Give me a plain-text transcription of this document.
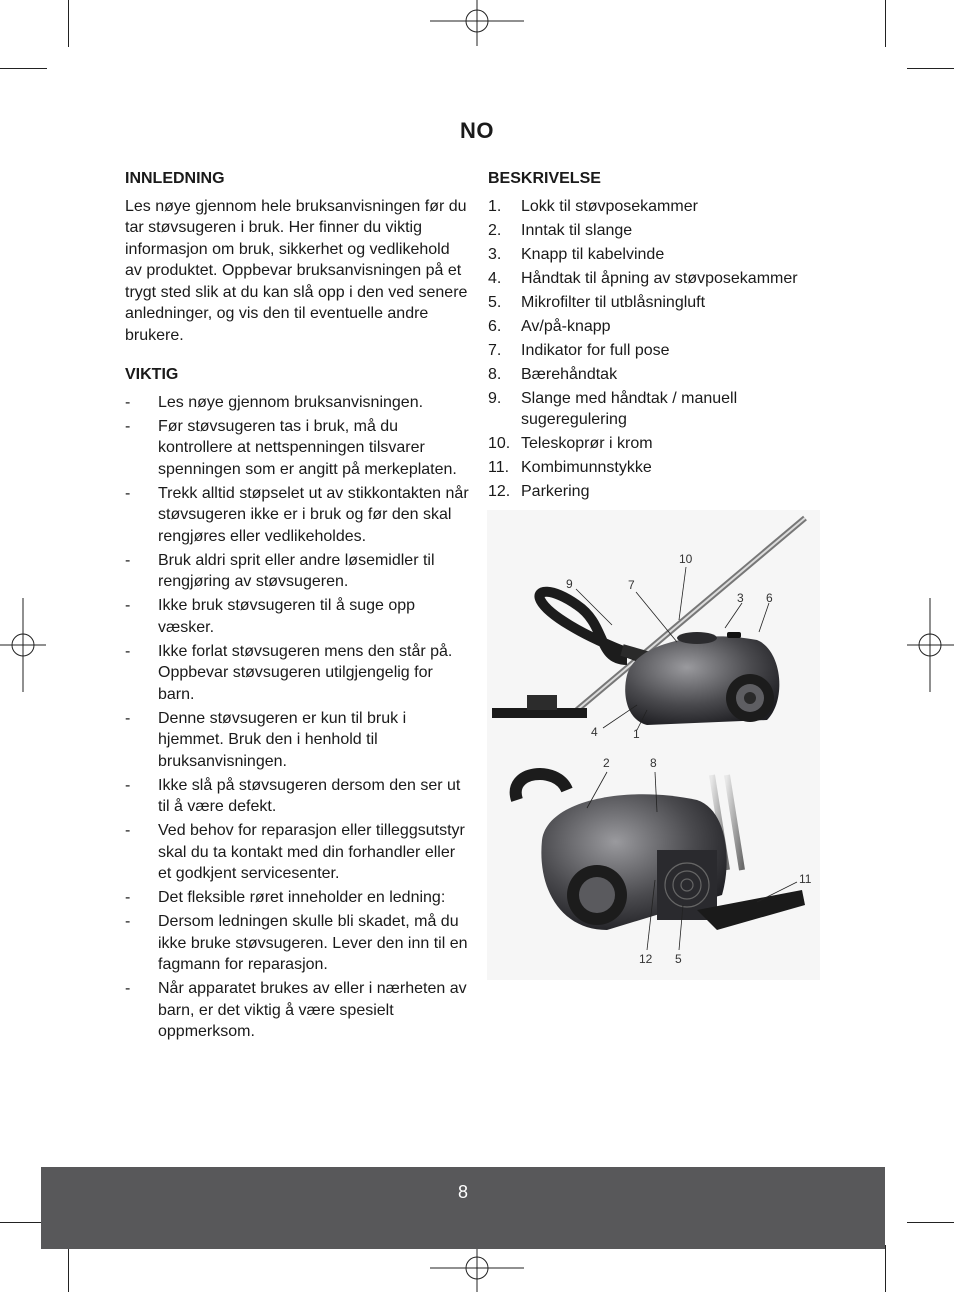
NO
INNLEDNING

Les nøye gjennom hele bruksanvisningen før du tar støvsugeren i bruk. Her finner du viktig informasjon om bruk, sikkerhet og vedlikehold av produktet. Oppbevar bruksanvisningen på et trygt sted slik at du kan slå opp i den ved senere anledninger, og vis den til eventuelle andre brukere.

VIKTIG
- Les nøye gjennom bruksanvisningen.
- Før støvsugeren tas i bruk, må du kontrollere at nettspenningen tilsvarer spenningen som er angitt på merkeplaten.
- Trekk alltid støpselet ut av stikkontakten når støvsugeren ikke er i bruk og før den skal rengjøres eller vedlikeholdes.
- Bruk aldri sprit eller andre løsemidler til rengjøring av støvsugeren.
- Ikke bruk støvsugeren til å suge opp væsker.
- Ikke forlat støvsugeren mens den står på. Oppbevar støvsugeren utilgjengelig for barn.
- Denne støvsugeren er kun til bruk i hjemmet. Bruk den i henhold til bruksanvisningen.
- Ikke slå på støvsugeren dersom den ser ut til å være defekt.
- Ved behov for reparasjon eller tilleggsutstyr skal du ta kontakt med din forhandler eller et godkjent servicesenter.
- Det fleksible røret inneholder en ledning:
- Dersom ledningen skulle bli skadet, må du ikke bruke støvsugeren. Lever den inn til en fagmann for reparasjon.
- Når apparatet brukes av eller i nærheten av barn, er det viktig å være spesielt oppmerksom.
BESKRIVELSE
1. Lokk til støvposekammer
2. Inntak til slange
3. Knapp til kabelvinde
4. Håndtak til åpning av støvposekammer
5. Mikrofilter til utblåsningluft
6. Av/på-knapp
7. Indikator for full pose
8. Bærehåndtak
9. Slange med håndtak / manuell sugeregulering
10. Teleskoprør i krom
11. Kombimunnstykke
12. Parkering
10
9	7
3 6
4	1
2	8
11
12 5
8
